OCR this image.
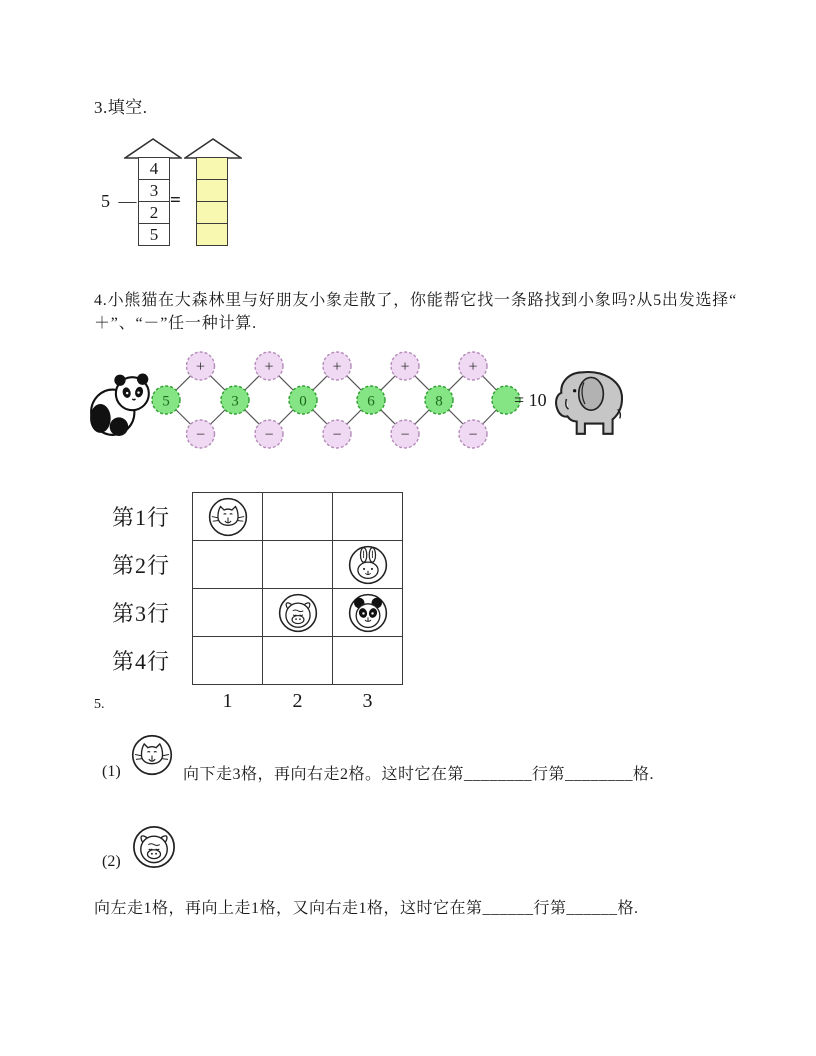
3.填空.
4
3
2
5
5 — =
4.小熊猫在大森林里与好朋友小象走散了，你能帮它找一条路找到小象吗?从5出发选择“
＋”、“－”任一种计算.
+
−
+
−
+
−
+
−
+
−
5	3	0	6	8	= 10
第1行	

第2行			

第3行		

第4行			
	1	2	3
5.
(1)	向下走3格，再向右走2格。这时它在第________行第________格.
(2)
向左走1格，再向上走1格，又向右走1格，这时它在第______行第______格.
